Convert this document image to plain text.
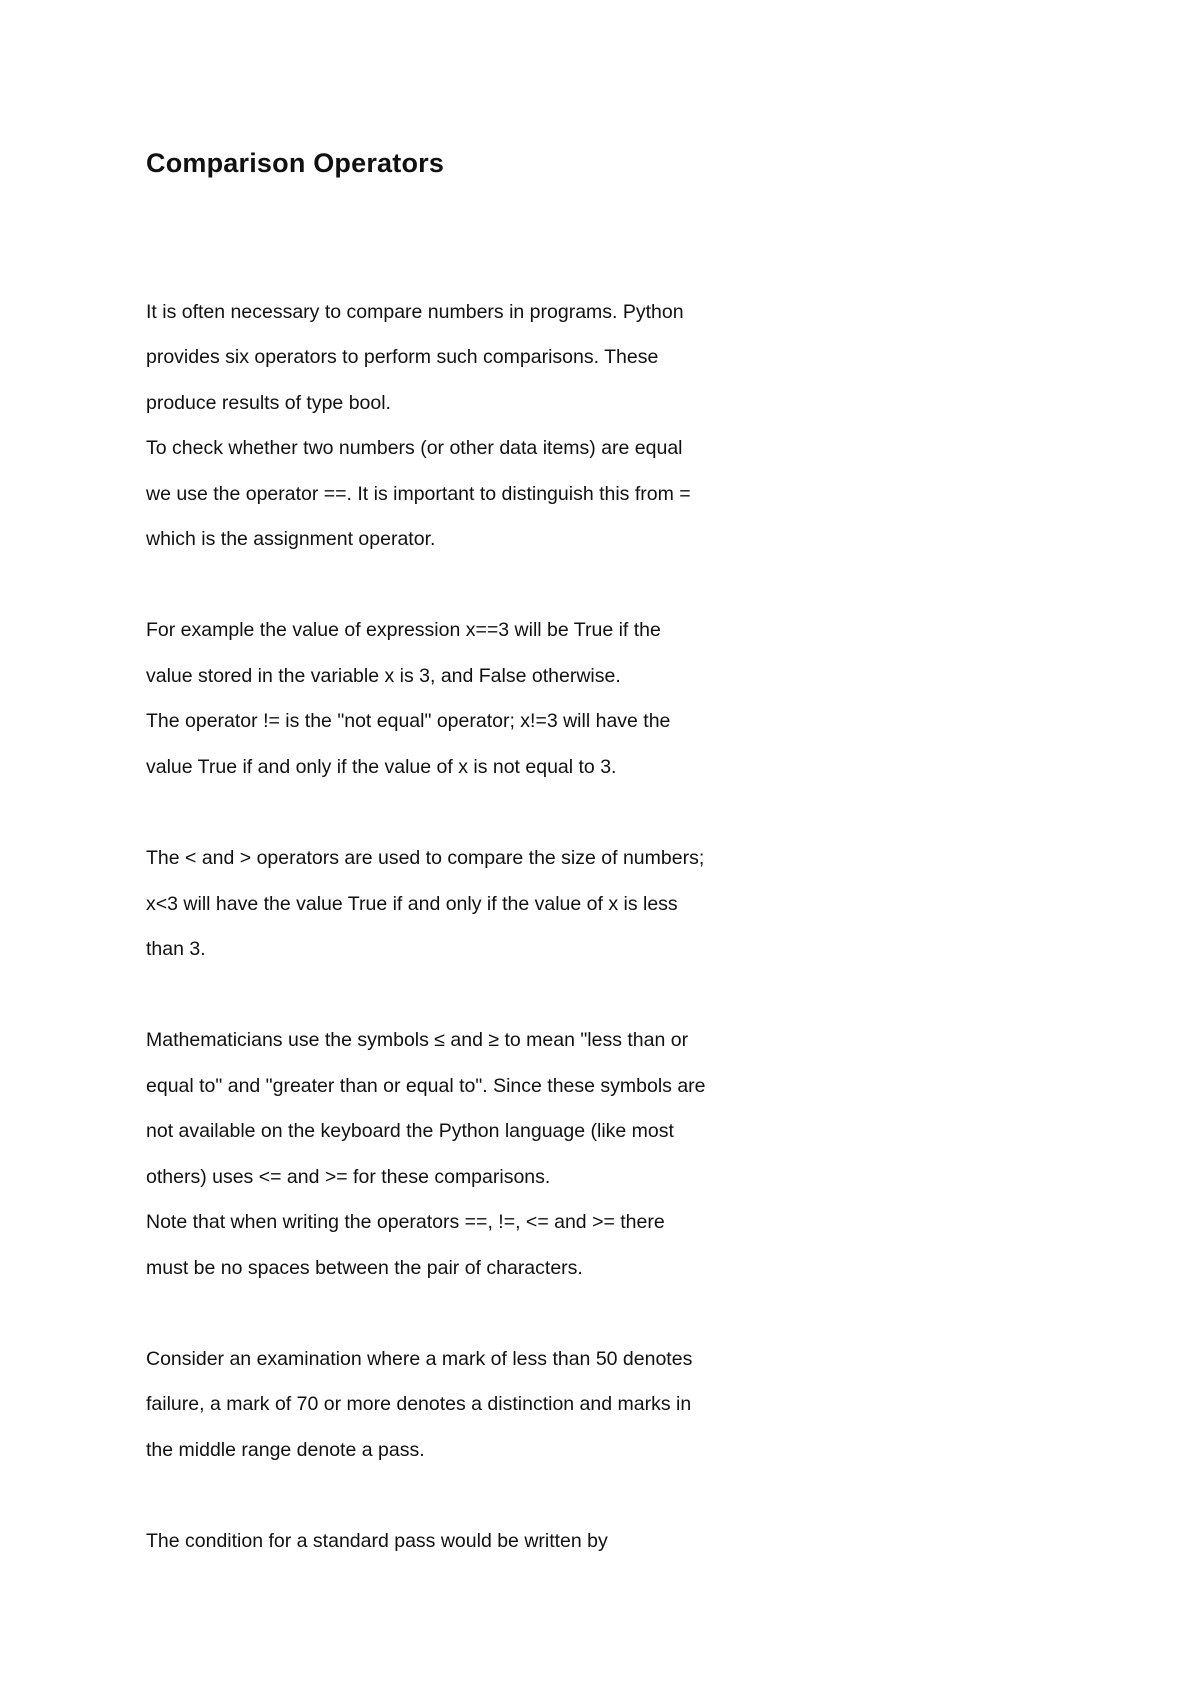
Comparison Operators
It is often necessary to compare numbers in programs. Python
provides six operators to perform such comparisons. These
produce results of type bool.
To check whether two numbers (or other data items) are equal
we use the operator ==. It is important to distinguish this from =
which is the assignment operator.
For example the value of expression x==3 will be True if the
value stored in the variable x is 3, and False otherwise.
The operator != is the "not equal" operator; x!=3 will have the
value True if and only if the value of x is not equal to 3.
The < and > operators are used to compare the size of numbers;
x<3 will have the value True if and only if the value of x is less
than 3.
Mathematicians use the symbols ≤ and ≥ to mean "less than or
equal to" and "greater than or equal to". Since these symbols are
not available on the keyboard the Python language (like most
others) uses <= and >= for these comparisons.
Note that when writing the operators ==, !=, <= and >= there
must be no spaces between the pair of characters.
Consider an examination where a mark of less than 50 denotes
failure, a mark of 70 or more denotes a distinction and marks in
the middle range denote a pass.
The condition for a standard pass would be written by
